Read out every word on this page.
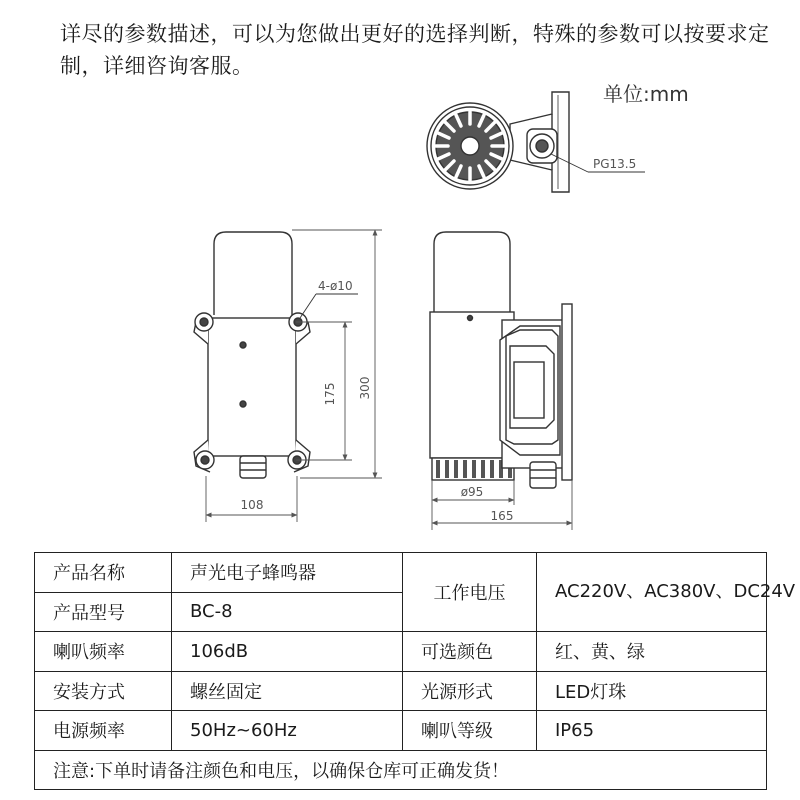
详尽的参数描述，可以为您做出更好的选择判断，特殊的参数可以按要求定制，详细咨询客服。

单位:mm
PG13.5
4-ø10
175 300
108
ø95
165
产品名称	声光电子蜂鸣器	工作电压	AC220V、AC380V、DC24V
产品型号	BC-8		
喇叭频率	106dB	可选颜色	红、黄、绿
安装方式	螺丝固定	光源形式	LED灯珠
电源频率	50Hz~60Hz	喇叭等级	IP65
注意:下单时请备注颜色和电压，以确保仓库可正确发货！			
